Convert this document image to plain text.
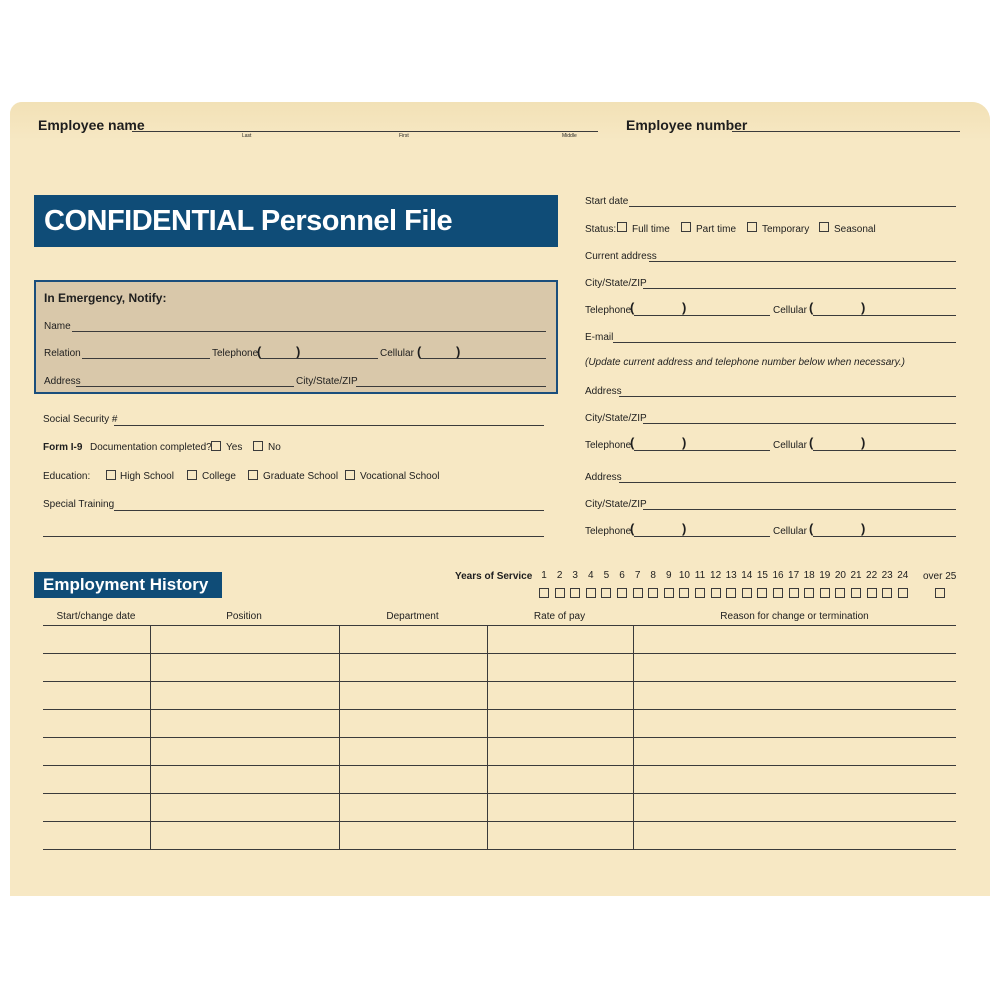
Employee name
Last	First	Middle
Employee number
CONFIDENTIAL Personnel File
In Emergency, Notify:
Name
Relation	Telephone
(	)	Cellular (	)
Address	City/State/ZIP
Social Security #
Form I-9 Documentation completed? Yes	No
Education:	High School	College	Graduate School Vocational School
Special Training
Start date
Status: Full time	Part time	Temporary Seasonal
Current address
City/State/ZIP
Telephone
(	)	Cellular (	)
E-mail
(Update current address and telephone number below when necessary.)
Address
City/State/ZIP
Telephone
(	)	Cellular (	)
Address
City/State/ZIP
Telephone
(	)	Cellular (	)
Employment History	Years of Service 1	2	3	4	5	6	7	8	9 10 11 12 13 14 15 16 17 18 19 20 21 22 23 24 over 25
Start/change date	Position	Department	Rate of pay	Reason for change or termination
